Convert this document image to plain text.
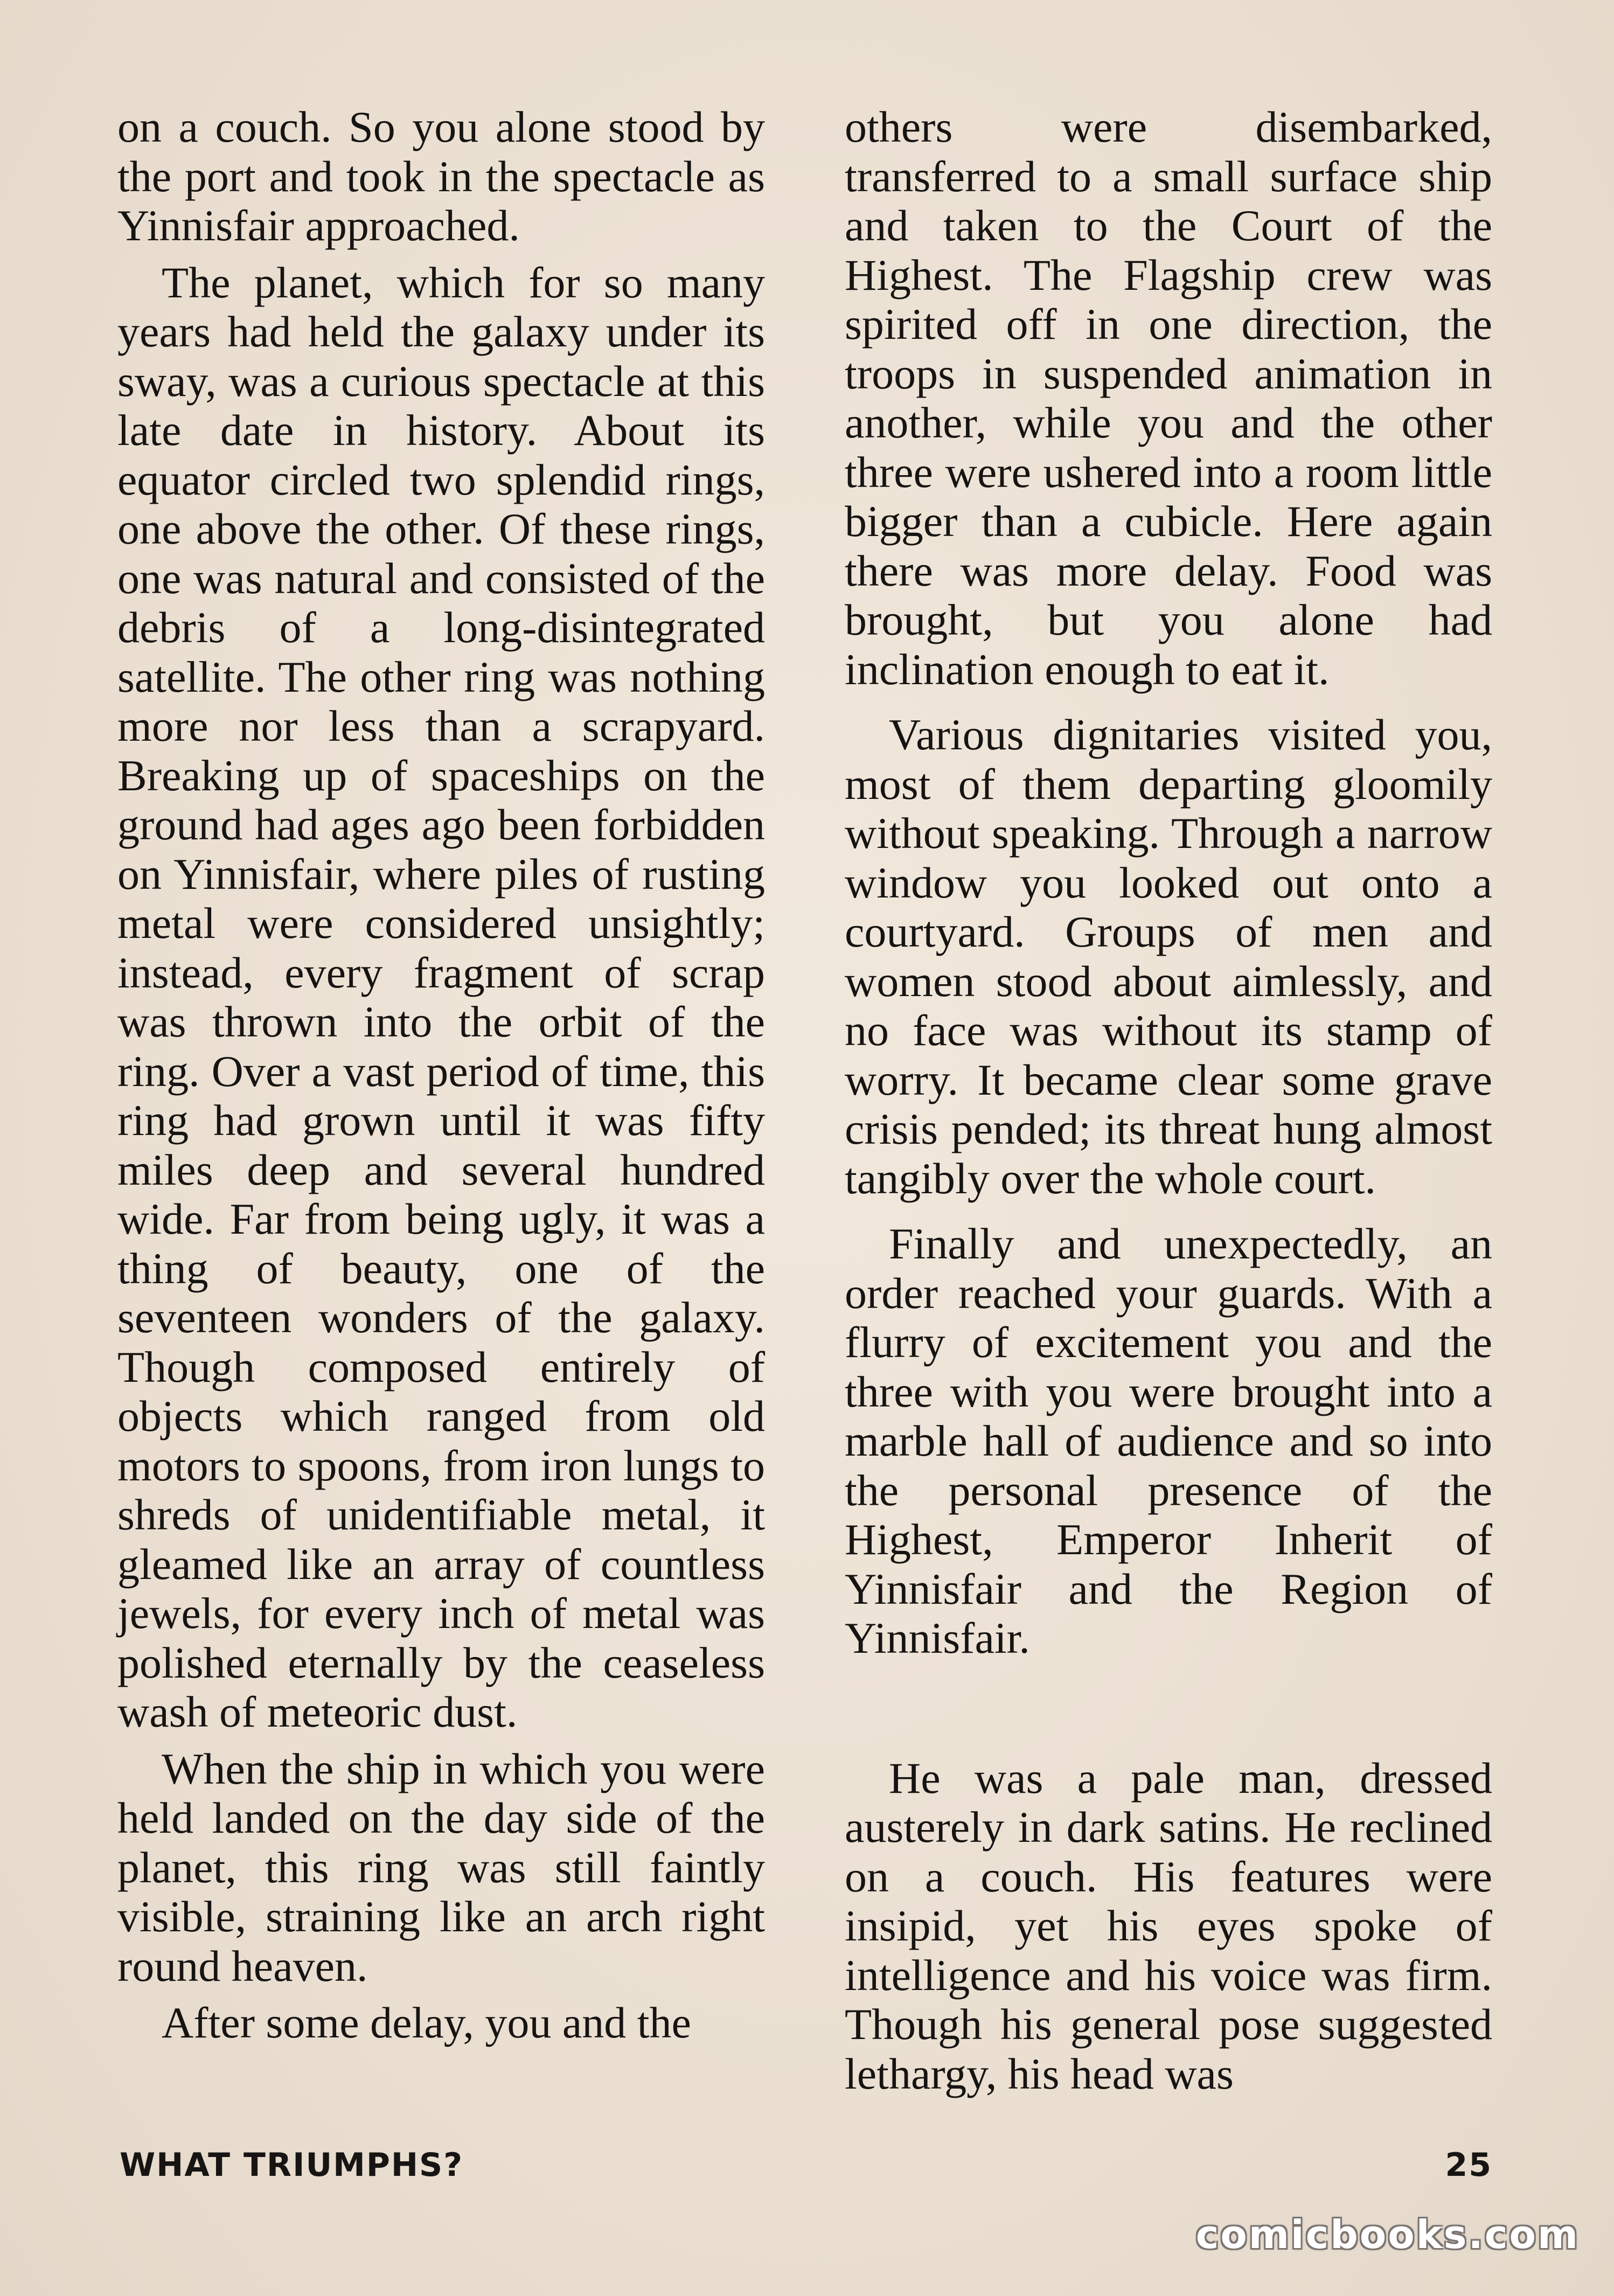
on a couch. So you alone stood by the port and took in the spectacle as Yinnisfair approached.

The planet, which for so many years had held the galaxy under its sway, was a curious spectacle at this late date in history. About its equator circled two splendid rings, one above the other. Of these rings, one was natural and consisted of the debris of a long-disintegrated satellite. The other ring was nothing more nor less than a scrapyard. Breaking up of spaceships on the ground had ages ago been forbidden on Yinnisfair, where piles of rusting metal were considered unsightly; instead, every fragment of scrap was thrown into the orbit of the ring. Over a vast period of time, this ring had grown until it was fifty miles deep and several hundred wide. Far from being ugly, it was a thing of beauty, one of the seventeen wonders of the galaxy. Though composed entirely of objects which ranged from old motors to spoons, from iron lungs to shreds of unidentifiable metal, it gleamed like an array of countless jewels, for every inch of metal was polished eternally by the ceaseless wash of meteoric dust.

When the ship in which you were held landed on the day side of the planet, this ring was still faintly visible, straining like an arch right round heaven.

After some delay, you and the

others were disembarked, transferred to a small surface ship and taken to the Court of the Highest. The Flagship crew was spirited off in one direction, the troops in suspended animation in another, while you and the other three were ushered into a room little bigger than a cubicle. Here again there was more delay. Food was brought, but you alone had inclination enough to eat it.

Various dignitaries visited you, most of them departing gloomily without speaking. Through a narrow window you looked out onto a courtyard. Groups of men and women stood about aimlessly, and no face was without its stamp of worry. It became clear some grave crisis pended; its threat hung almost tangibly over the whole court.

Finally and unexpectedly, an order reached your guards. With a flurry of excitement you and the three with you were brought into a marble hall of audience and so into the personal presence of the Highest, Emperor Inherit of Yinnisfair and the Region of Yinnisfair.

He was a pale man, dressed austerely in dark satins. He reclined on a couch. His features were insipid, yet his eyes spoke of intelligence and his voice was firm. Though his general pose suggested lethargy, his head was

WHAT TRIUMPHS?	25
comicbooks.com
